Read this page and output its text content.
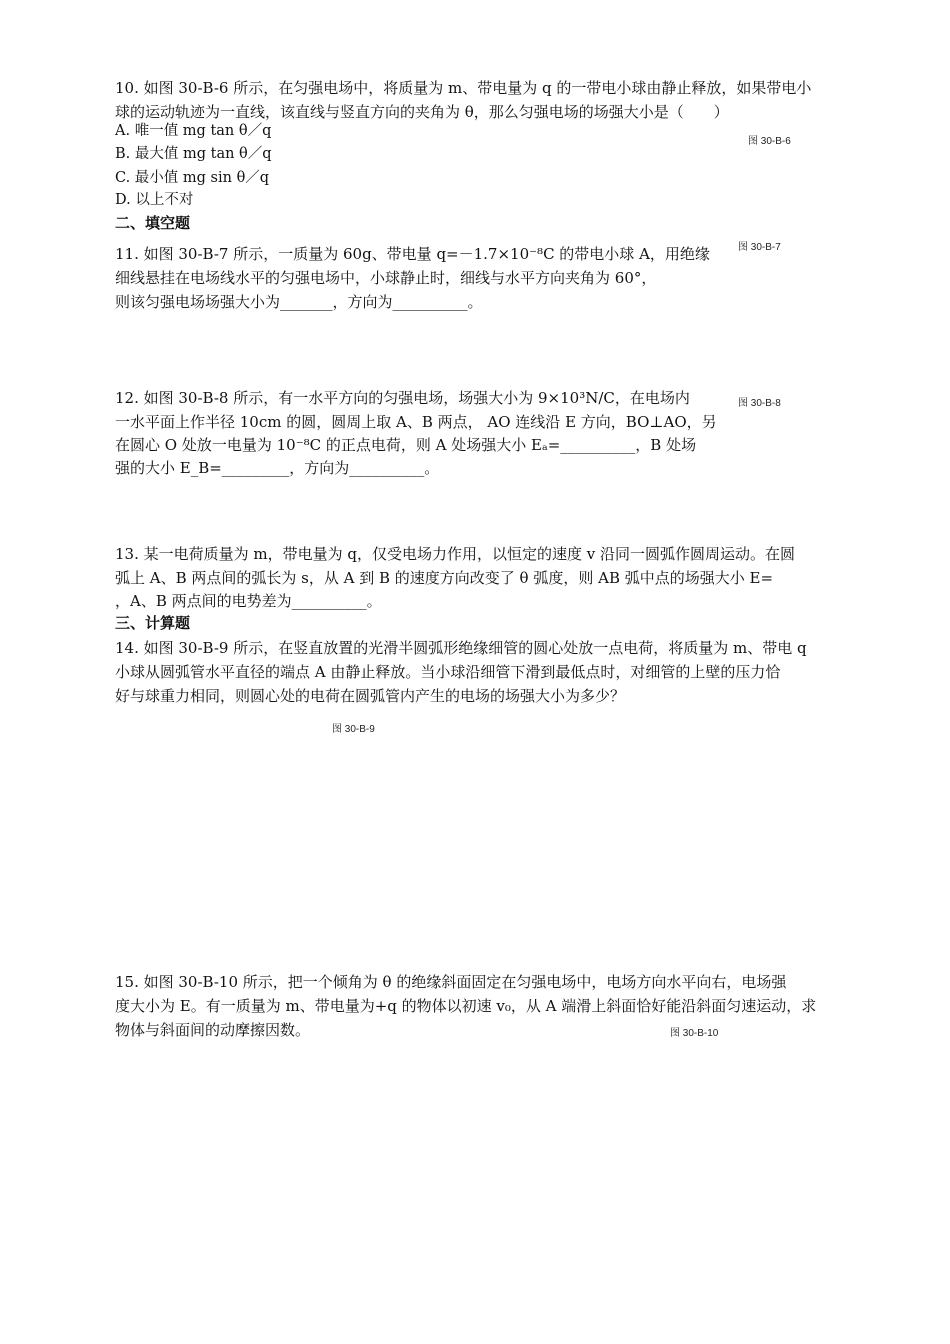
10. 如图 30-B-6 所示，在匀强电场中，将质量为 m、带电量为 q 的一带电小球由静止释放，如果带电小
球的运动轨迹为一直线，该直线与竖直方向的夹角为 θ，那么匀强电场的场强大小是（　　）
图 30-B-6
A. 唯一值 mg tan θ／q
B. 最大值 mg tan θ／q
C. 最小值 mg sin θ／q
D. 以上不对
二、填空题
11. 如图 30-B-7 所示，一质量为 60g、带电量 q=－1.7×10⁻⁸C 的带电小球 A，用绝缘	图 30-B-7
细线悬挂在电场线水平的匀强电场中，小球静止时，细线与水平方向夹角为 60°，
则该匀强电场场强大小为_______，方向为__________。
12. 如图 30-B-8 所示，有一水平方向的匀强电场，场强大小为 9×10³N/C，在电场内	图 30-B-8
一水平面上作半径 10cm 的圆，圆周上取 A、B 两点， AO 连线沿 E 方向，BO⊥AO，另
在圆心 O 处放一电量为 10⁻⁸C 的正点电荷，则 A 处场强大小 Eₐ=__________，B 处场
强的大小 E_B=_________，方向为__________。
13. 某一电荷质量为 m，带电量为 q，仅受电场力作用，以恒定的速度 v 沿同一圆弧作圆周运动。在圆
弧上 A、B 两点间的弧长为 s，从 A 到 B 的速度方向改变了 θ 弧度，则 AB 弧中点的场强大小 E=
，A、B 两点间的电势差为__________。
三、计算题
14. 如图 30-B-9 所示，在竖直放置的光滑半圆弧形绝缘细管的圆心处放一点电荷，将质量为 m、带电 q
小球从圆弧管水平直径的端点 A 由静止释放。当小球沿细管下滑到最低点时，对细管的上壁的压力恰
好与球重力相同，则圆心处的电荷在圆弧管内产生的电场的场强大小为多少？
图 30-B-9
15. 如图 30-B-10 所示，把一个倾角为 θ 的绝缘斜面固定在匀强电场中，电场方向水平向右，电场强
度大小为 E。有一质量为 m、带电量为+q 的物体以初速 v₀，从 A 端滑上斜面恰好能沿斜面匀速运动，求
物体与斜面间的动摩擦因数。	图 30-B-10
